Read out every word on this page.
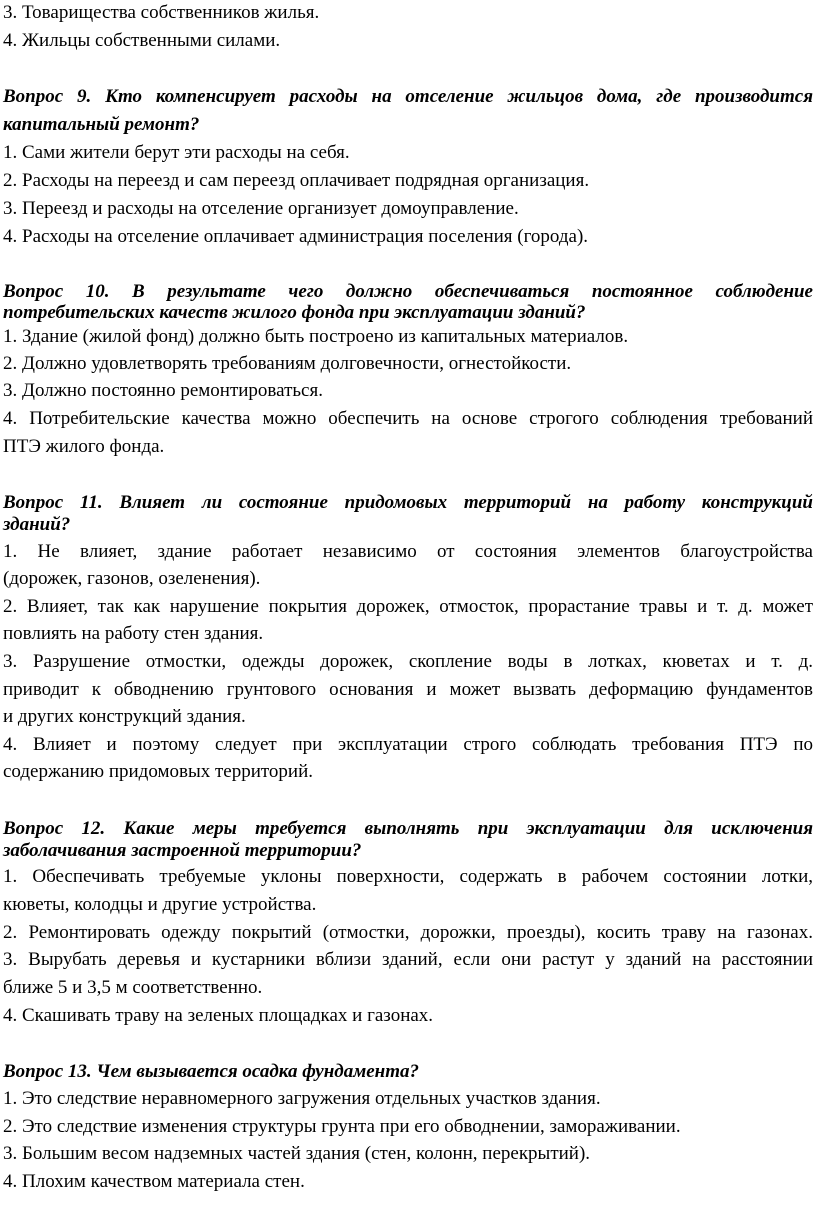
3. Товарищества собственников жилья.
4. Жильцы собственными силами.
Вопрос 9. Кто компенсирует расходы на отселение жильцов дома, где производится
капитальный ремонт?
1. Сами жители берут эти расходы на себя.
2. Расходы на переезд и сам переезд оплачивает подрядная организация.
3. Переезд и расходы на отселение организует домоуправление.
4. Расходы на отселение оплачивает администрация поселения (города).
Вопрос 10. В результате чего должно обеспечиваться постоянное соблюдение
потребительских качеств жилого фонда при эксплуатации зданий?
1. Здание (жилой фонд) должно быть построено из капитальных материалов.
2. Должно удовлетворять требованиям долговечности, огнестойкости.
3. Должно постоянно ремонтироваться.
4. Потребительские качества можно обеспечить на основе строгого соблюдения требований
ПТЭ жилого фонда.
Вопрос 11. Влияет ли состояние придомовых территорий на работу конструкций
зданий?
1. Не влияет, здание работает независимо от состояния элементов благоустройства
(дорожек, газонов, озеленения).
2. Влияет, так как нарушение покрытия дорожек, отмосток, прорастание травы и т. д. может
повлиять на работу стен здания.
3. Разрушение отмостки, одежды дорожек, скопление воды в лотках, кюветах и т. д.
приводит к обводнению грунтового основания и может вызвать деформацию фундаментов
и других конструкций здания.
4. Влияет и поэтому следует при эксплуатации строго соблюдать требования ПТЭ по
содержанию придомовых территорий.
Вопрос 12. Какие меры требуется выполнять при эксплуатации для исключения
заболачивания застроенной территории?
1. Обеспечивать требуемые уклоны поверхности, содержать в рабочем состоянии лотки,
кюветы, колодцы и другие устройства.
2. Ремонтировать одежду покрытий (отмостки, дорожки, проезды), косить траву на газонах.
3. Вырубать деревья и кустарники вблизи зданий, если они растут у зданий на расстоянии
ближе 5 и 3,5 м соответственно.
4. Скашивать траву на зеленых площадках и газонах.
Вопрос 13. Чем вызывается осадка фундамента?
1. Это следствие неравномерного загружения отдельных участков здания.
2. Это следствие изменения структуры грунта при его обводнении, замораживании.
3. Большим весом надземных частей здания (стен, колонн, перекрытий).
4. Плохим качеством материала стен.
